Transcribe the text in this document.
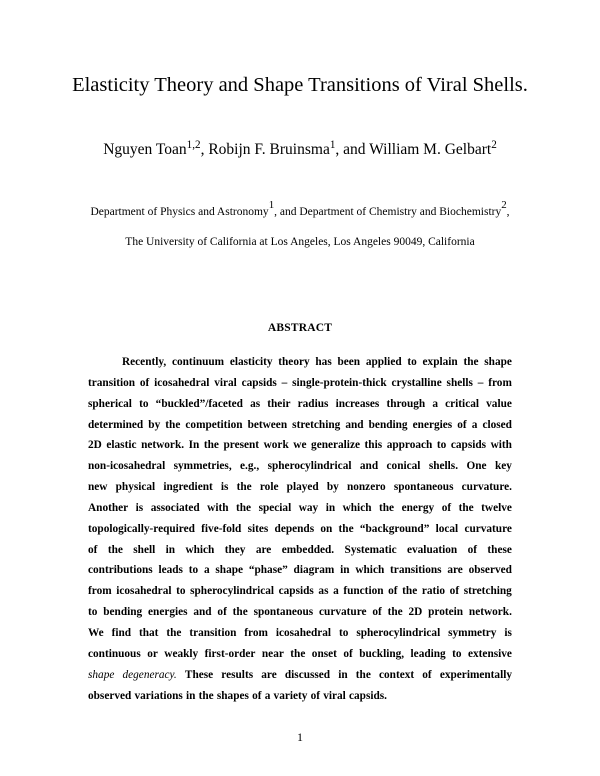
Elasticity Theory and Shape Transitions of Viral Shells.
Nguyen Toan$^{1,2}$, Robijn F. Bruinsma$^1$, and William M. Gelbart$^2$
Department of Physics and Astronomy$^1$, and Department of Chemistry and Biochemistry$^2$,
The University of California at Los Angeles, Los Angeles 90049, California
ABSTRACT
Recently, continuum elasticity theory has been applied to explain the shape
transition of icosahedral viral capsids – single-protein-thick crystalline shells – from
spherical to “buckled”/faceted as their radius increases through a critical value
determined by the competition between stretching and bending energies of a closed
2D elastic network. In the present work we generalize this approach to capsids with
non-icosahedral symmetries, e.g., spherocylindrical and conical shells. One key
new physical ingredient is the role played by nonzero spontaneous curvature.
Another is associated with the special way in which the energy of the twelve
topologically-required five-fold sites depends on the “background” local curvature
of the shell in which they are embedded. Systematic evaluation of these
contributions leads to a shape “phase” diagram in which transitions are observed
from icosahedral to spherocylindrical capsids as a function of the ratio of stretching
to bending energies and of the spontaneous curvature of the 2D protein network.
We find that the transition from icosahedral to spherocylindrical symmetry is
continuous or weakly first-order near the onset of buckling, leading to extensive
shape degeneracy. These results are discussed in the context of experimentally
observed variations in the shapes of a variety of viral capsids.
1
